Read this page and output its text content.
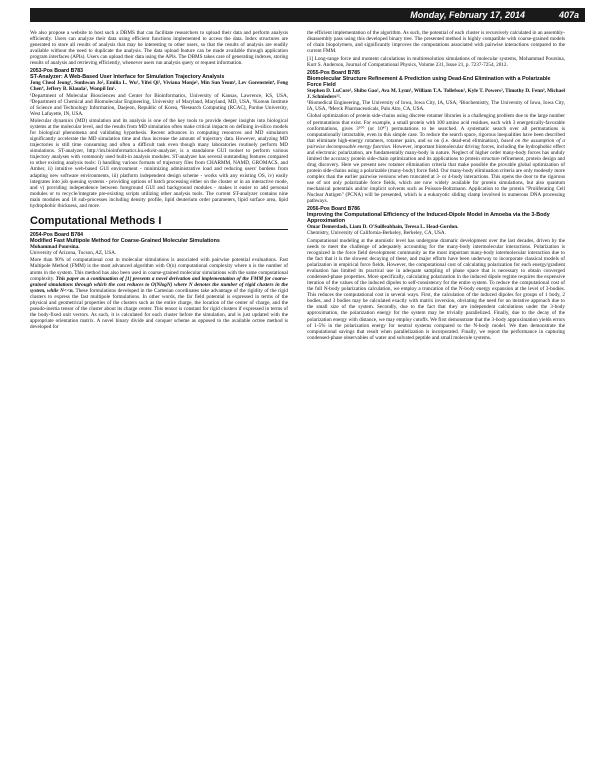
Monday, February 17, 2014	407a

We also propose a website to host such a DBMS that can facilitate researchers to upload their data and perform analysis efficiently. Users can analyze their data using efficient functions implemented to access the data. Index structures are generated to store all results of analysis that may be interesting to other users, so that the results of analysis are readily available without the need to duplicate the analysis. The data upload feature can be made available through application program interfaces (APIs). Users can upload their data using the APIs. The DBMS takes care of generating indexes, storing results of analysis and retrieving efficiently, whenever users run analysis query or request information.

2053-Pos Board B783
ST-Analyzer: A Web-Based User Interface for Simulation Trajectory Analysis
Jong Cheol Jeong¹, Sunhwan Jo², Emilia L. Wu¹, Yifei Qi¹, Viviana Monje², Min Sun Yeom³, Lev Gorenstein⁴, Feng Chen⁴, Jeffery B. Klauda², Wonpil Im¹.

¹Department of Molecular Biosciences and Center for Bioinformatics, University of Kansas, Lawrence, KS, USA, ²Department of Chemical and Biomolecular Engineering, University of Maryland, Maryland, MD, USA, ³Korean Institute of Science and Technology Information, Daejeon, Republic of Korea, ⁴Research Computing (RCAC), Purdue University, West Lafayette, IN, USA.

Molecular dynamics (MD) simulation and its analysis is one of the key tools to provide deeper insights into biological systems at the molecular level, and the results from MD simulation often make critical impacts on defining in-silico models for biological phenomena and validating hypothesis. Recent advances in computing resources and MD simulators significantly accelerate the MD simulation time and thus increase the amount of trajectory data. However, analyzing MD trajectories is still time consuming and often a difficult task even though many laboratories routinely perform MD simulations. ST-analyzer, http://im.bioinformatics.ku.edu/st-analyzer, is a standalone GUI toolset to perform various trajectory analyses with commonly used built-in analysis modules. ST-analyzer has several outstanding features compared to other existing analysis tools: i) handling various formats of trajectory files from CHARMM, NAMD, GROMACS, and Amber, ii) intuitive web-based GUI environment - minimizing administrative load and reducing users' burdens from adapting new software environments, iii) platform independent design scheme - works with any existing OS, iv) easily integrates into job queuing systems - providing options of batch processing either on the cluster or in an interactive mode, and v) providing independence between foreground GUI and background modules - makes it easier to add personal modules or to recycle/integrate pre-existing scripts utilizing other analysis tools. The current ST-analyzer contains nine main modules and 18 sub-processes including density profile, lipid deuterium order parameters, lipid surface area, lipid hydrophobic thickness, and more.

Computational Methods I
2054-Pos Board B784
Modified Fast Multipole Method for Coarse-Grained Molecular Simulations
Mohammad Poursina.

University of Arizona, Tucson, AZ, USA.

More than 90% of computational cost in molecular simulations is associated with pairwise potential evaluations. Fast Multipole Method (FMM) is the most advanced algorithm with O(n) computational complexity where n is the number of atoms in the system. This method has also been used in coarse-grained molecular simulations with the same computational complexity. This paper as a continuation of [1] presents a novel derivation and implementation of the FMM for coarse-grained simulations through which the cost reduces to O(NlogN) where N denotes the number of rigid clusters in the system, while N<<n. These formulations developed in the Cartesian coordinates take advantage of the rigidity of the rigid clusters to express the fast multipole formulations. In other words, the far field potential is expressed in terms of the physical and geometrical properties of the clusters such as the entire charge, the location of the center of charge, and the pseudo-inertia tensor of the cluster about its charge center. This tensor is constant for rigid clusters if expressed in terms of the body-fixed unit vectors. As such, it is calculated for each cluster before the simulation, and is just updated with the appropriate orientation matrix. A novel binary divide and conquer scheme as opposed to the available octree method is developed for

the efficient implementation of the algorithm. As such, the potential of each cluster is recursively calculated in an assembly-disassembly pass using this developed binary tree. The presented method is highly compatible with coarse-grained models of chain biopolymers, and significantly improves the computations associated with pairwise interactions compared to the current FMM.

[1] Long-range force and moment calculations in multiresolution simulations of molecular systems, Mohammad Poursina, Kurt S. Anderson, Journal of Computational Physics, Volume 231, Issue 21, p. 7237-7254, 2012.

2055-Pos Board B785
Biomolecular Structure Refinement & Prediction using Dead-End Elimination with a Polarizable Force Field
Stephen D. LuCore¹, Shibo Gao¹, Ava M. Lynn¹, William T.A. Tollefson¹, Kyle T. Powers², Timothy D. Fenn³, Michael J. Schnieders¹².

¹Biomedical Engineering, The University of Iowa, Iowa City, IA, USA, ²Biochemistry, The University of Iowa, Iowa City, IA, USA, ³Merck Pharmaceuticals, Palo Alto, CA, USA.

Global optimization of protein side-chains using discrete rotamer libraries is a challenging problem due to the large number of permutations that exist. For example, a small protein with 100 amino acid residues, each with 3 energetically-favorable conformations, gives 3¹⁰⁰ (or 10⁴⁷) permutations to be searched. A systematic search over all permutations is computationally intractable, even in this simple case. To reduce the search space, rigorous inequalities have been described that eliminate high-energy rotamers, rotamer pairs, and so on (i.e. dead-end elimination), based on the assumption of a pairwise decomposable energy function. However, important biomolecular driving forces, including the hydrophobic effect and electronic polarization, are fundamentally many-body in nature. Neglect of higher order many-body forces has unduly limited the accuracy protein side-chain optimization and its applications to protein structure refinement, protein design and drug discovery. Here we present new rotamer elimination criteria that make possible the provable global optimization of protein side-chains using a polarizable (many-body) force field. Our many-body elimination criteria are only modestly more complex than the earlier pairwise versions when truncated at 3- or 4-body interactions. This opens the door to the rigorous use of not only polarizable force fields, which are now widely available for protein simulations, but also quantum mechanical potentials and/or implicit solvents such as Poisson-Boltzmann. Application to the protein "Proliferating Cell Nuclear Antigen" (PCNA) will be presented, which is a eukaryotic sliding clamp involved in numerous DNA processing pathways.

2056-Pos Board B786
Improving the Computational Efficiency of the Induced-Dipole Model in Amoeba via the 3-Body Approximation
Omar Demerdash, Liam D. O'Suilleabhain, Teresa L. Head-Gordon.

Chemistry, University of California-Berkeley, Berkeley, CA, USA.

Computational modeling at the atomistic level has undergone dramatic development over the last decades, driven by the needs to meet the challenge of adequately accounting for the many-body intermolecular interactions. Polarization is recognized in the force field development community as the most important many-body intermolecular interaction due to the fact that it is the slowest decaying of these, and major efforts have been underway to incorporate classical models of polarization in empirical force fields. However, the computational cost of calculating polarization for each energy/gradient evaluation has limited its practical use in adequate sampling of phase space that is necessary to obtain converged condensed-phase properties. More specifically, calculating polarization in the induced dipole regime requires the expensive iteration of the values of the induced dipoles to self-consistency for the entire system. To reduce the computational cost of the full N-body polarization calculation, we employ a truncation of the N-body energy expansion at the level of 3-bodies. This reduces the computational cost in several ways. First, the calculation of the induced dipoles for groups of 1 body, 2 bodies, and 3 bodies may be calculated exactly with matrix inversion, obviating the need for an iterative approach due to the small size of the system. Secondly, due to the fact that they are independent calculations under the 3-body approximation, the polarization energy for the system may be trivially parallelized. Finally, due to the decay of the polarization energy with distance, we may employ cutoffs. We first demonstrate that the 3-body approximation yields errors of 1-5% in the polarization energy for neutral systems compared to the N-body model. We then demonstrate the computational savings that result when parallelization is incorporated. Finally, we report the performance in capturing condensed-phase observables of water and solvated peptide and small molecule systems.
